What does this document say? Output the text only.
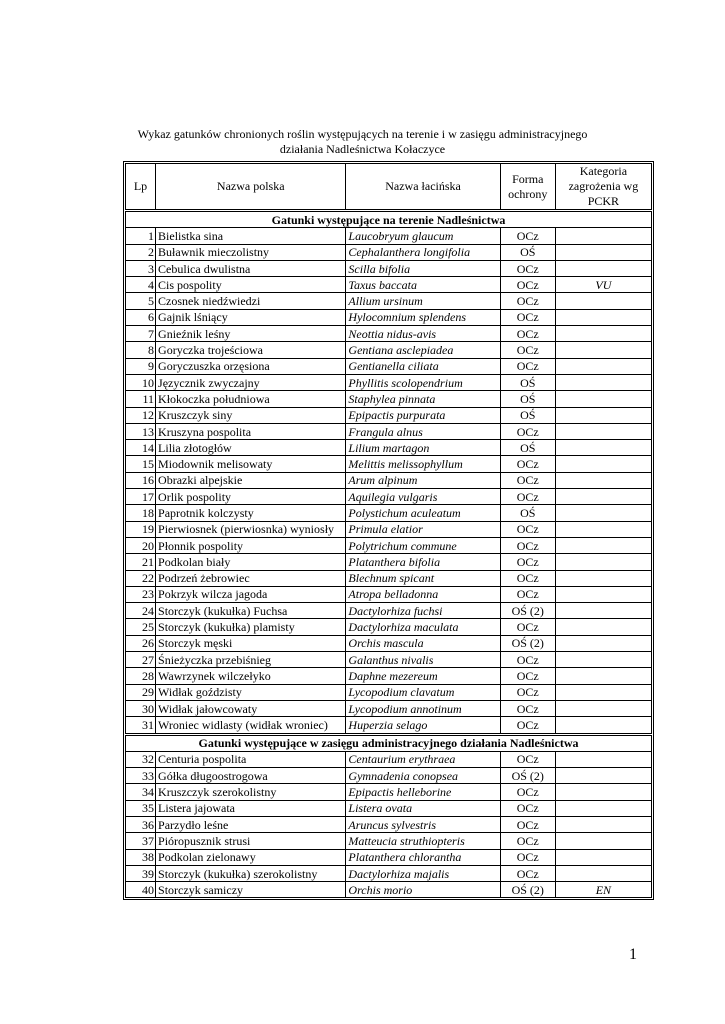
Wykaz gatunków chronionych roślin występujących na terenie i w zasięgu administracyjnego
działania Nadleśnictwa Kołaczyce
Lp	Nazwa polska	Nazwa łacińska	Forma ochrony	Kategoria zagrożenia wg PCKR
Gatunki występujące na terenie Nadleśnictwa				
1	Bielistka sina	Laucobryum glaucum	OCz	
2	Buławnik mieczolistny	Cephalanthera longifolia	OŚ	
3	Cebulica dwulistna	Scilla bifolia	OCz	
4	Cis pospolity	Taxus baccata	OCz	VU
5	Czosnek niedźwiedzi	Allium ursinum	OCz	
6	Gajnik lśniący	Hylocomnium splendens	OCz	
7	Gnieźnik leśny	Neottia nidus-avis	OCz	
8	Goryczka trojeściowa	Gentiana asclepiadea	OCz	
9	Goryczuszka orzęsiona	Gentianella ciliata	OCz	
10	Języcznik zwyczajny	Phyllitis scolopendrium	OŚ	
11	Kłokoczka południowa	Staphylea pinnata	OŚ	
12	Kruszczyk siny	Epipactis purpurata	OŚ	
13	Kruszyna pospolita	Frangula alnus	OCz	
14	Lilia złotogłów	Lilium martagon	OŚ	
15	Miodownik melisowaty	Melittis melissophyllum	OCz	
16	Obrazki alpejskie	Arum alpinum	OCz	
17	Orlik pospolity	Aquilegia vulgaris	OCz	
18	Paprotnik kolczysty	Polystichum aculeatum	OŚ	
19	Pierwiosnek (pierwiosnka) wyniosły	Primula elatior	OCz	
20	Płonnik pospolity	Polytrichum commune	OCz	
21	Podkolan biały	Platanthera bifolia	OCz	
22	Podrzeń żebrowiec	Blechnum spicant	OCz	
23	Pokrzyk wilcza jagoda	Atropa belladonna	OCz	
24	Storczyk (kukułka) Fuchsa	Dactylorhiza fuchsi	OŚ (2)	
25	Storczyk (kukułka) plamisty	Dactylorhiza maculata	OCz	
26	Storczyk męski	Orchis mascula	OŚ (2)	
27	Śnieżyczka przebiśnieg	Galanthus nivalis	OCz	
28	Wawrzynek wilczełyko	Daphne mezereum	OCz	
29	Widłak goździsty	Lycopodium clavatum	OCz	
30	Widłak jałowcowaty	Lycopodium annotinum	OCz	
31	Wroniec widlasty (widłak wroniec)	Huperzia selago	OCz	
Gatunki występujące w zasięgu administracyjnego działania Nadleśnictwa				
32	Centuria pospolita	Centaurium erythraea	OCz	
33	Gółka długoostrogowa	Gymnadenia conopsea	OŚ (2)	
34	Kruszczyk szerokolistny	Epipactis helleborine	OCz	
35	Listera jajowata	Listera ovata	OCz	
36	Parzydło leśne	Aruncus sylvestris	OCz	
37	Pióropusznik strusi	Matteucia struthiopteris	OCz	
38	Podkolan zielonawy	Platanthera chlorantha	OCz	
39	Storczyk (kukułka) szerokolistny	Dactylorhiza majalis	OCz	
40	Storczyk samiczy	Orchis morio	OŚ (2)	EN
1
